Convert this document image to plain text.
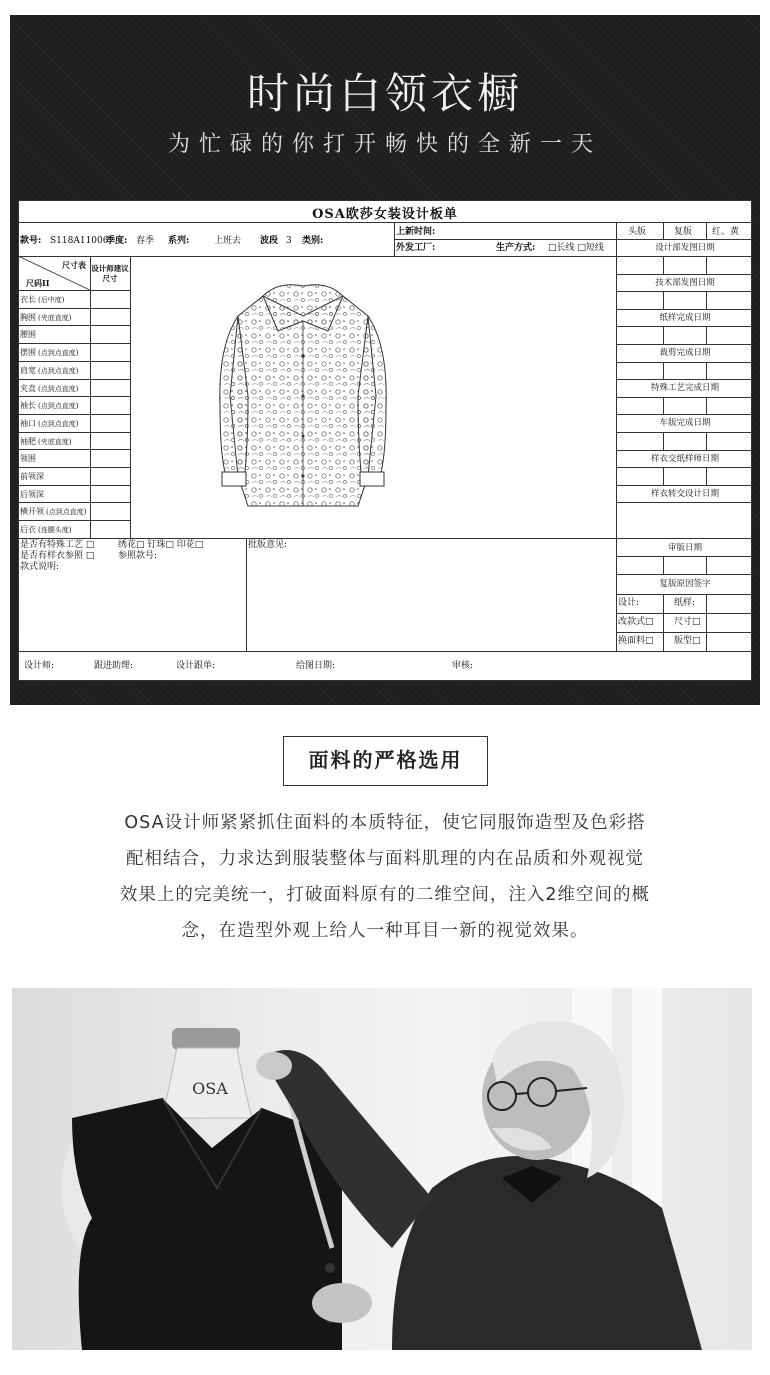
时尚白领衣橱
为忙碌的你打开畅快的全新一天
OSA欧莎女装设计板单
款号: S118A11006
季度: 春季 系列:	上班去 波段 3 类别:
上新时间:
外发工厂:	生产方式: □长线 □短线
头版	复版 红、黄
设计部发图日期
尺寸表
尺码II
设计师建议尺寸
衣长 (后中度)
胸围 (夹底直度)
腰围
摆围 (点到点直度)
肩宽 (点到点直度)
夹直 (点到点直度)
袖长 (点到点直度)
袖口 (点到点直度)
袖肥 (夹底直度)
领围
前领深
后领深
横开领 (点到点直度)
后衣 (连腰头度)
技术部发图日期
纸样完成日期
裁剪完成日期
特殊工艺完成日期
车版完成日期
样衣交纸样师日期
样衣转交设计日期
是否有特殊工艺 □	绣花□ 钉珠□ 印花□
是否有样衣参照 □	参照款号:
款式说明:
批版意见:	审版日期
复版原因签字
设计:	纸样:
改款式□ 尺寸□
换面料□ 版型□
设计师:	跟进助理:	设计跟单:	给图日期:	审核:
面料的严格选用
OSA设计师紧紧抓住面料的本质特征，使它同服饰造型及色彩搭
配相结合，力求达到服装整体与面料肌理的内在品质和外观视觉
效果上的完美统一，打破面料原有的二维空间，注入2维空间的概
念，在造型外观上给人一种耳目一新的视觉效果。
OSA
